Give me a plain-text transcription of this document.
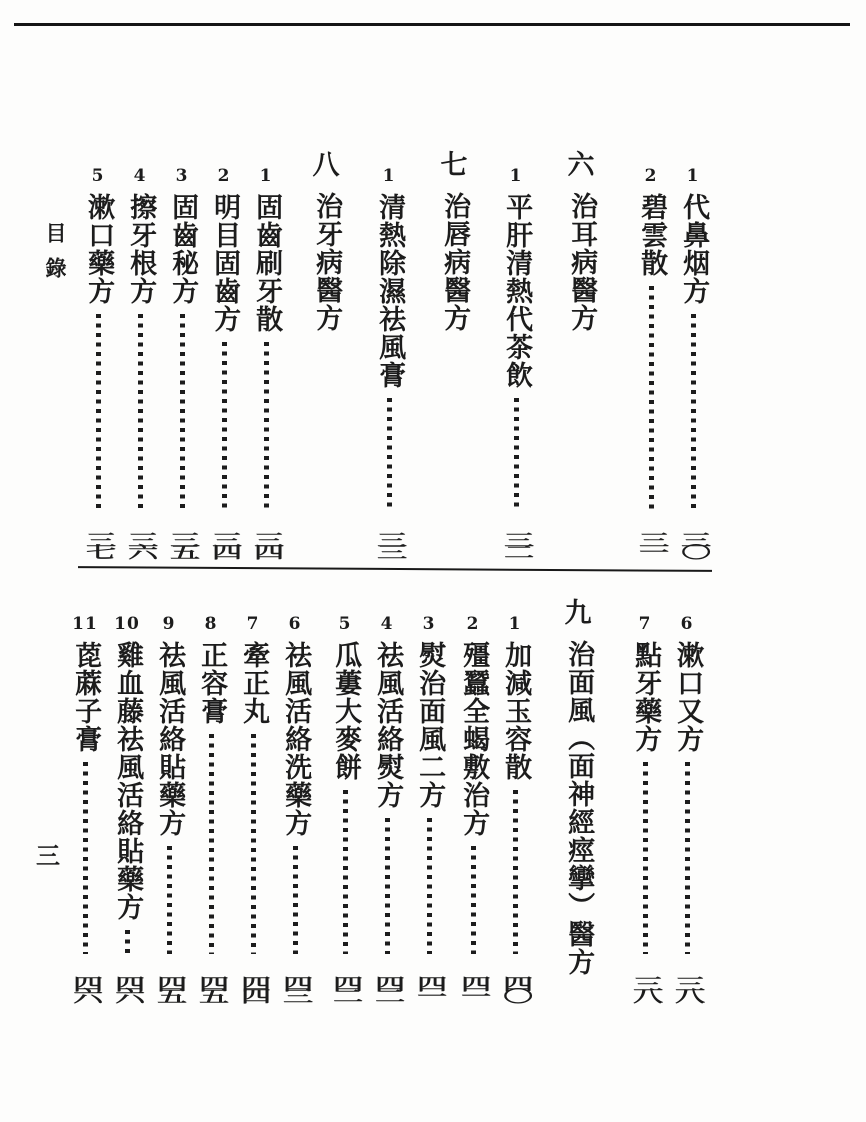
目錄
1
代鼻烟方
三〇
2
碧雲散
三一
六
治耳病醫方
1
平肝清熱代茶飲
三二
七
治唇病醫方
1
清熱除濕祛風膏
三三
八
治牙病醫方
1
固齒刷牙散
三四
2
明目固齒方
三四
3
固齒秘方
三五
4
擦牙根方
三六
5
漱口藥方
三七
6
漱口又方
三八
7
點牙藥方
三八
九
治面風（面神經痙攣）醫方
1
加減玉容散
四〇
2
殭蠶全蝎敷治方
四一
3
熨治面風二方
四一
4
祛風活絡熨方
四二
5
瓜蔞大麥餅
四二
6
祛風活絡洗藥方
四三
7
牽正丸
四四
8
正容膏
四五
9
祛風活絡貼藥方
四五
10
雞血藤祛風活絡貼藥方
四六
11
萞蔴子膏
四六
三
